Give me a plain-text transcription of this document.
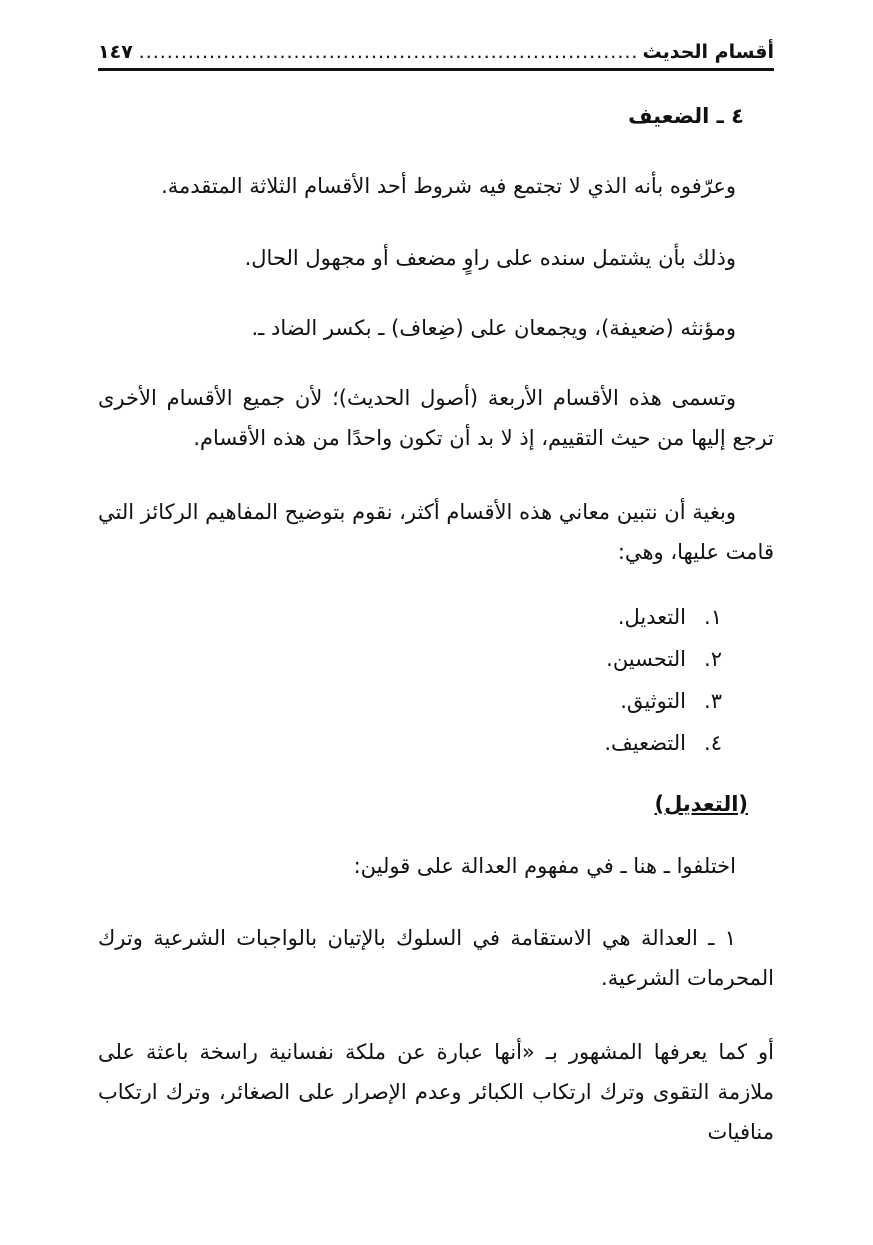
أقسام الحديث
.....
١٤٧
٤ ـ الضعيف
وعرّفوه بأنه الذي لا تجتمع فيه شروط أحد الأقسام الثلاثة المتقدمة.
وذلك بأن يشتمل سنده على راوٍ مضعف أو مجهول الحال.
ومؤنثه (ضعيفة)، ويجمعان على (ضِعاف) ـ بكسر الضاد ـ.
وتسمى هذه الأقسام الأربعة (أصول الحديث)؛ لأن جميع الأقسام الأخرى ترجع إليها من حيث التقييم، إذ لا بد أن تكون واحدًا من هذه الأقسام.
وبغية أن نتبين معاني هذه الأقسام أكثر، نقوم بتوضيح المفاهيم الركائز التي قامت عليها، وهي:
١.التعديل.
٢.التحسين.
٣.التوثيق.
٤.التضعيف.
(التعديل)
اختلفوا ـ هنا ـ في مفهوم العدالة على قولين:
١ ـ العدالة هي الاستقامة في السلوك بالإتيان بالواجبات الشرعية وترك المحرمات الشرعية.
أو كما يعرفها المشهور بـ «أنها عبارة عن ملكة نفسانية راسخة باعثة على ملازمة التقوى وترك ارتكاب الكبائر وعدم الإصرار على الصغائر، وترك ارتكاب منافيات
